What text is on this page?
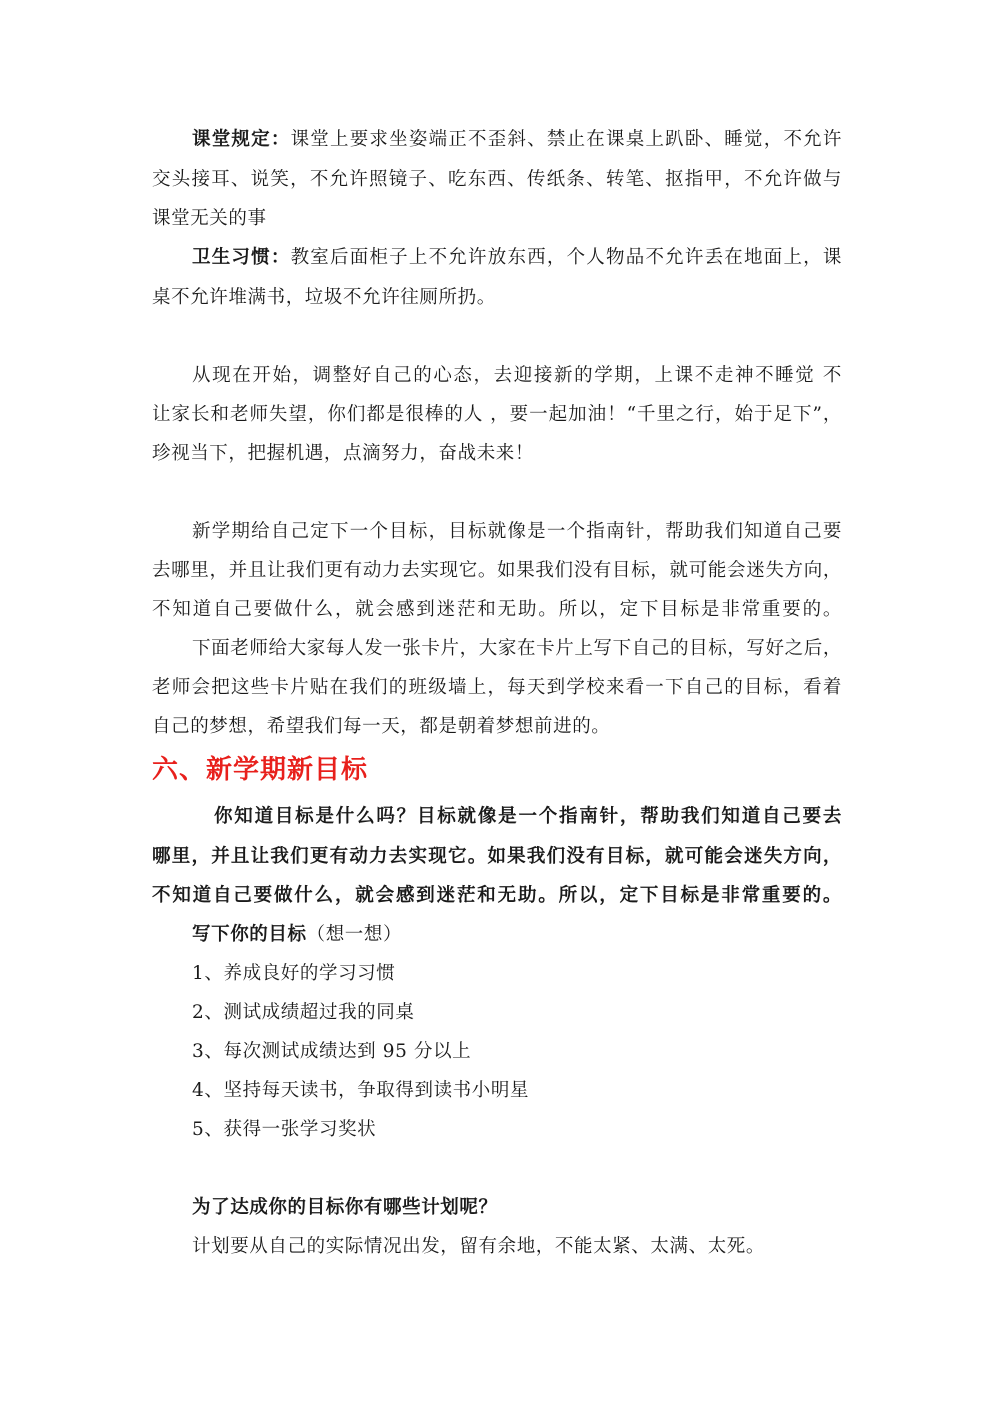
课堂规定：课堂上要求坐姿端正不歪斜、禁止在课桌上趴卧、睡觉，不允许
交头接耳、说笑，不允许照镜子、吃东西、传纸条、转笔、抠指甲，不允许做与
课堂无关的事
卫生习惯：教室后面柜子上不允许放东西，个人物品不允许丢在地面上，课
桌不允许堆满书，垃圾不允许往厕所扔。
从现在开始，调整好自己的心态，去迎接新的学期，上课不走神不睡觉 不
让家长和老师失望，你们都是很棒的人 ，要一起加油！“千里之行，始于足下”，
珍视当下，把握机遇，点滴努力，奋战未来！
新学期给自己定下一个目标，目标就像是一个指南针，帮助我们知道自己要
去哪里，并且让我们更有动力去实现它。如果我们没有目标，就可能会迷失方向，
不知道自己要做什么，就会感到迷茫和无助。所以，定下目标是非常重要的。
下面老师给大家每人发一张卡片，大家在卡片上写下自己的目标，写好之后，
老师会把这些卡片贴在我们的班级墙上，每天到学校来看一下自己的目标，看着
自己的梦想，希望我们每一天，都是朝着梦想前进的。
六、新学期新目标
你知道目标是什么吗？目标就像是一个指南针，帮助我们知道自己要去
哪里，并且让我们更有动力去实现它。如果我们没有目标，就可能会迷失方向，
不知道自己要做什么，就会感到迷茫和无助。所以，定下目标是非常重要的。
写下你的目标（想一想）
1、养成良好的学习习惯
2、测试成绩超过我的同桌
3、每次测试成绩达到 95 分以上
4、坚持每天读书，争取得到读书小明星
5、获得一张学习奖状
为了达成你的目标你有哪些计划呢？
计划要从自己的实际情况出发，留有余地，不能太紧、太满、太死。
